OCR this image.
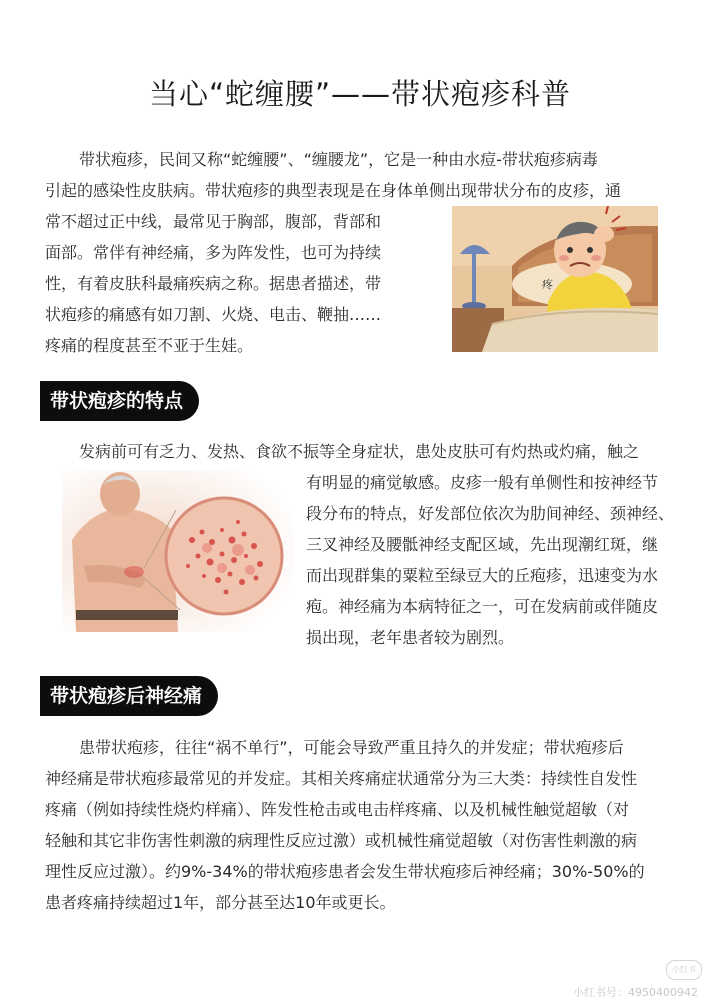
当心“蛇缠腰”——带状疱疹科普
带状疱疹，民间又称“蛇缠腰”、“缠腰龙”，它是一种由水痘-带状疱疹病毒
引起的感染性皮肤病。带状疱疹的典型表现是在身体单侧出现带状分布的皮疹，通
常不超过正中线，最常见于胸部，腹部，背部和
面部。常伴有神经痛，多为阵发性，也可为持续
性，有着皮肤科最痛疾病之称。据患者描述，带
状疱疹的痛感有如刀割、火烧、电击、鞭抽……
疼痛的程度甚至不亚于生娃。
疼
带状疱疹的特点
发病前可有乏力、发热、食欲不振等全身症状，患处皮肤可有灼热或灼痛，触之
有明显的痛觉敏感。皮疹一般有单侧性和按神经节
段分布的特点，好发部位依次为肋间神经、颈神经、
三叉神经及腰骶神经支配区域，先出现潮红斑，继
而出现群集的粟粒至绿豆大的丘疱疹，迅速变为水
疱。神经痛为本病特征之一，可在发病前或伴随皮
损出现，老年患者较为剧烈。
带状疱疹后神经痛
患带状疱疹，往往“祸不单行”，可能会导致严重且持久的并发症；带状疱疹后
神经痛是带状疱疹最常见的并发症。其相关疼痛症状通常分为三大类：持续性自发性
疼痛（例如持续性烧灼样痛）、阵发性枪击或电击样疼痛、以及机械性触觉超敏（对
轻触和其它非伤害性刺激的病理性反应过激）或机械性痛觉超敏（对伤害性刺激的病
理性反应过激）。约9%-34%的带状疱疹患者会发生带状疱疹后神经痛；30%-50%的
患者疼痛持续超过1年，部分甚至达10年或更长。
小红书
小红书号：4950400942
